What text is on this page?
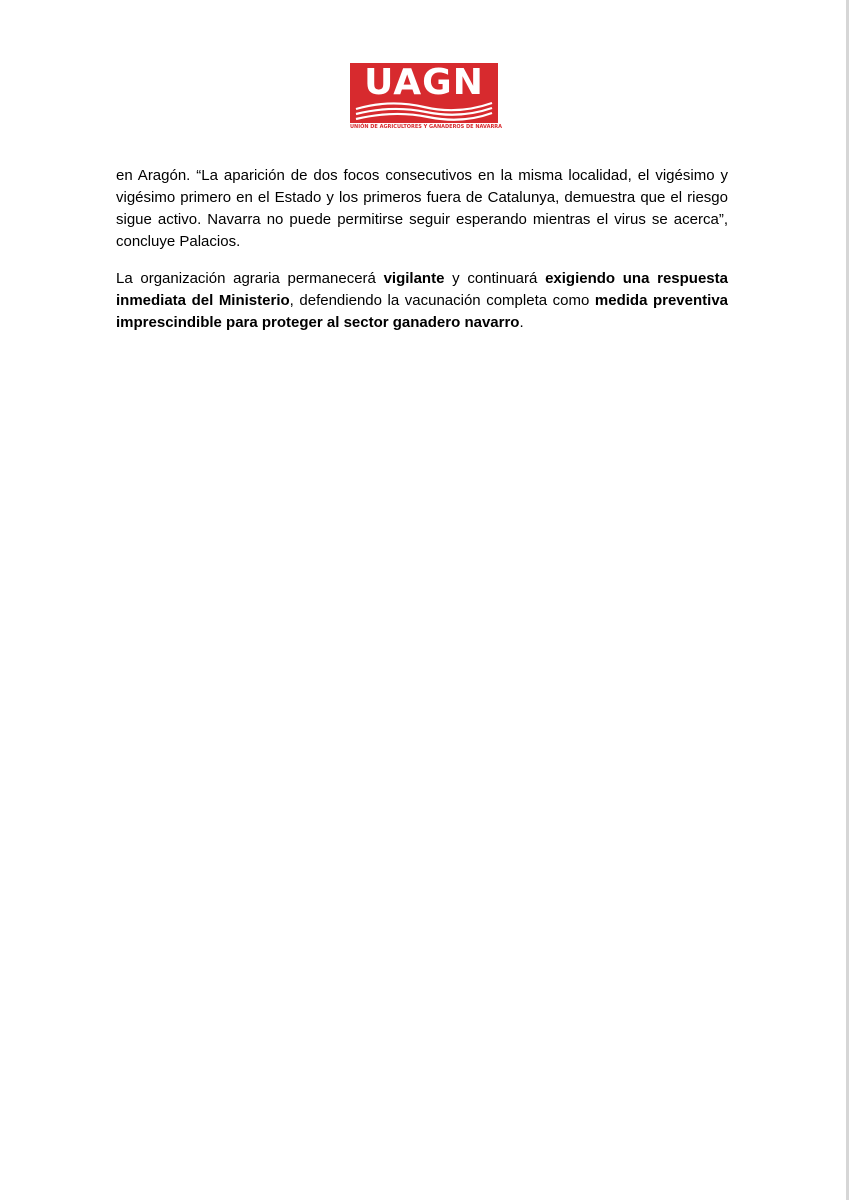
UAGN
UNIÓN DE AGRICULTORES Y GANADEROS DE NAVARRA

en Aragón. “La aparición de dos focos consecutivos en la misma localidad, el vigésimo y vigésimo primero en el Estado y los primeros fuera de Catalunya, demuestra que el riesgo sigue activo. Navarra no puede permitirse seguir esperando mientras el virus se acerca”, concluye Palacios.

La organización agraria permanecerá vigilante y continuará exigiendo una respuesta inmediata del Ministerio, defendiendo la vacunación completa como medida preventiva imprescindible para proteger al sector ganadero navarro.
